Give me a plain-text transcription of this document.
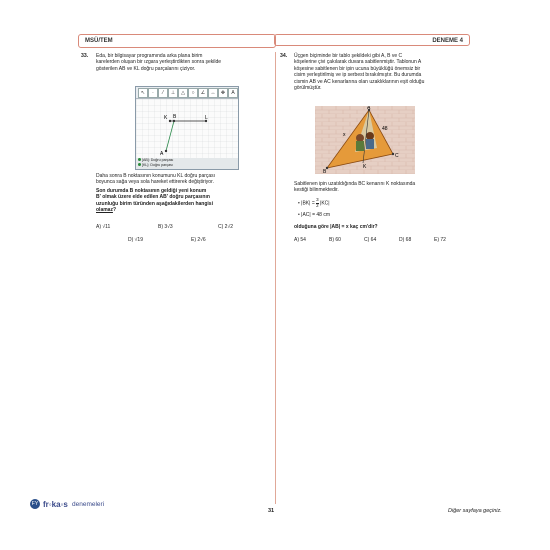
MSÜ/TEM	DENEME 4
33. Eda, bir bilgisayar programında arka plana birim
karelerden oluşan bir ızgara yerleştirdikten sonra şekilde
gösterilen AB ve KL doğru parçalarını çiziyor.
↖	·	⁄	⊥	△	○	∠	↔	✥	A
K B	L
A
[AB]: Doğru parçası
[KL]: Doğru parçası
Daha sonra B noktasının konumunu KL doğru parçası
boyunca sağa veya sola hareket ettirerek değiştiriyor.
Son durumda B noktasının geldiği yeni konum
B′ olmak üzere elde edilen AB′ doğru parçasının
uzunluğu birim türünden aşağıdakilerden hangisi
olamaz?
A) √11	B) 3√3	C) 2√2
D) √19	E) 2√6
34. Üçgen biçiminde bir tablo şekildeki gibi A, B ve C
köşelerine çivi çakılarak duvara sabitlenmiştir. Tablonun A
köşesine sabitlenen bir ipin ucuna büyüklüğü önemsiz bir
cisim yerleştirilmiş ve ip serbest bırakılmıştır. Bu durumda
cismin AB ve AC kenarlarına olan uzaklıklarının eşit olduğu
görülmüştür.
A
B
C
K
x
48
Sabitlenen ipin uzatıldığında BC kenarını K noktasında
kestiği bilinmektedir.
• $|BK| = \frac{3}{2} |KC|$
• |AC| = 48 cm
olduğuna göre |AB| = x kaç cm'dir?
A) 54	B) 60	C) 64	D) 68	E) 72
FY fr◦ka◦s denemeleri
31	Diğer sayfaya geçiniz.
